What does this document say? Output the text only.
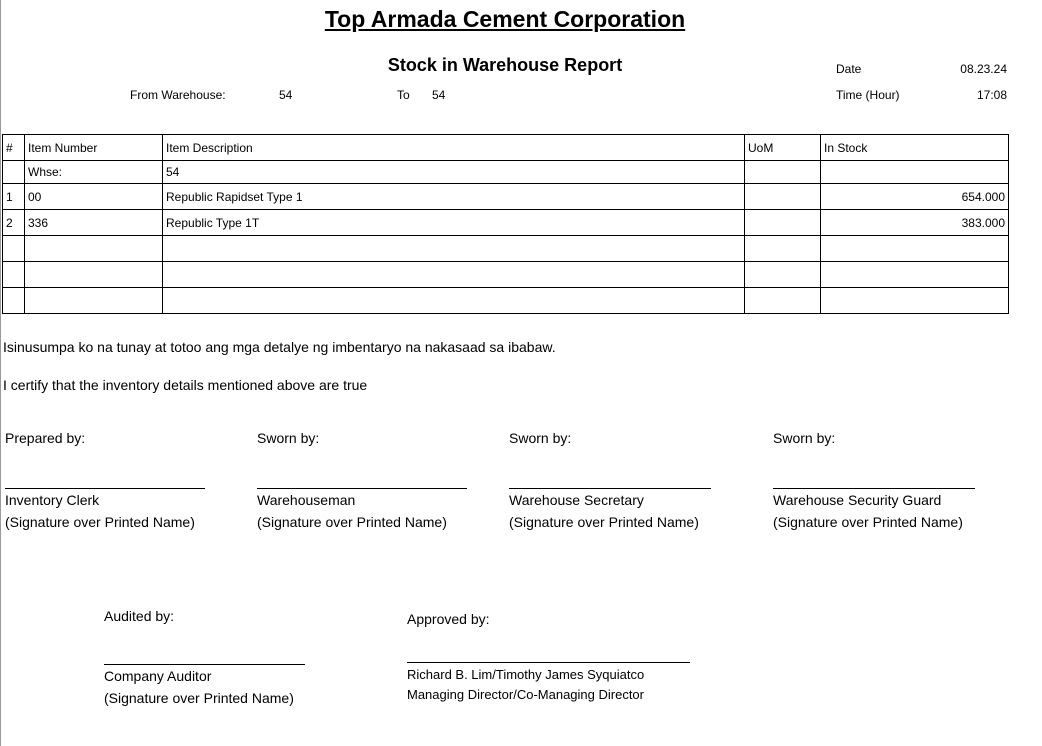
Top Armada Cement Corporation
Stock in Warehouse Report	Date	08.23.24
Time (Hour)	17:08
From Warehouse:	54	To 54
#	Item Number	Item Description	UoM	In Stock
	Whse:	54		
1	00	Republic Rapidset Type 1		654.000
2	336	Republic Type 1T		383.000

Isinusumpa ko na tunay at totoo ang mga detalye ng imbentaryo na nakasaad sa ibabaw.
I certify that the inventory details mentioned above are true
Prepared by:
Inventory Clerk
(Signature over Printed Name)
Sworn by:
Warehouseman
(Signature over Printed Name)
Sworn by:
Warehouse Secretary
(Signature over Printed Name)
Sworn by:
Warehouse Security Guard
(Signature over Printed Name)
Audited by:
Company Auditor
(Signature over Printed Name)
Approved by:
Richard B. Lim/Timothy James Syquiatco
Managing Director/Co-Managing Director
